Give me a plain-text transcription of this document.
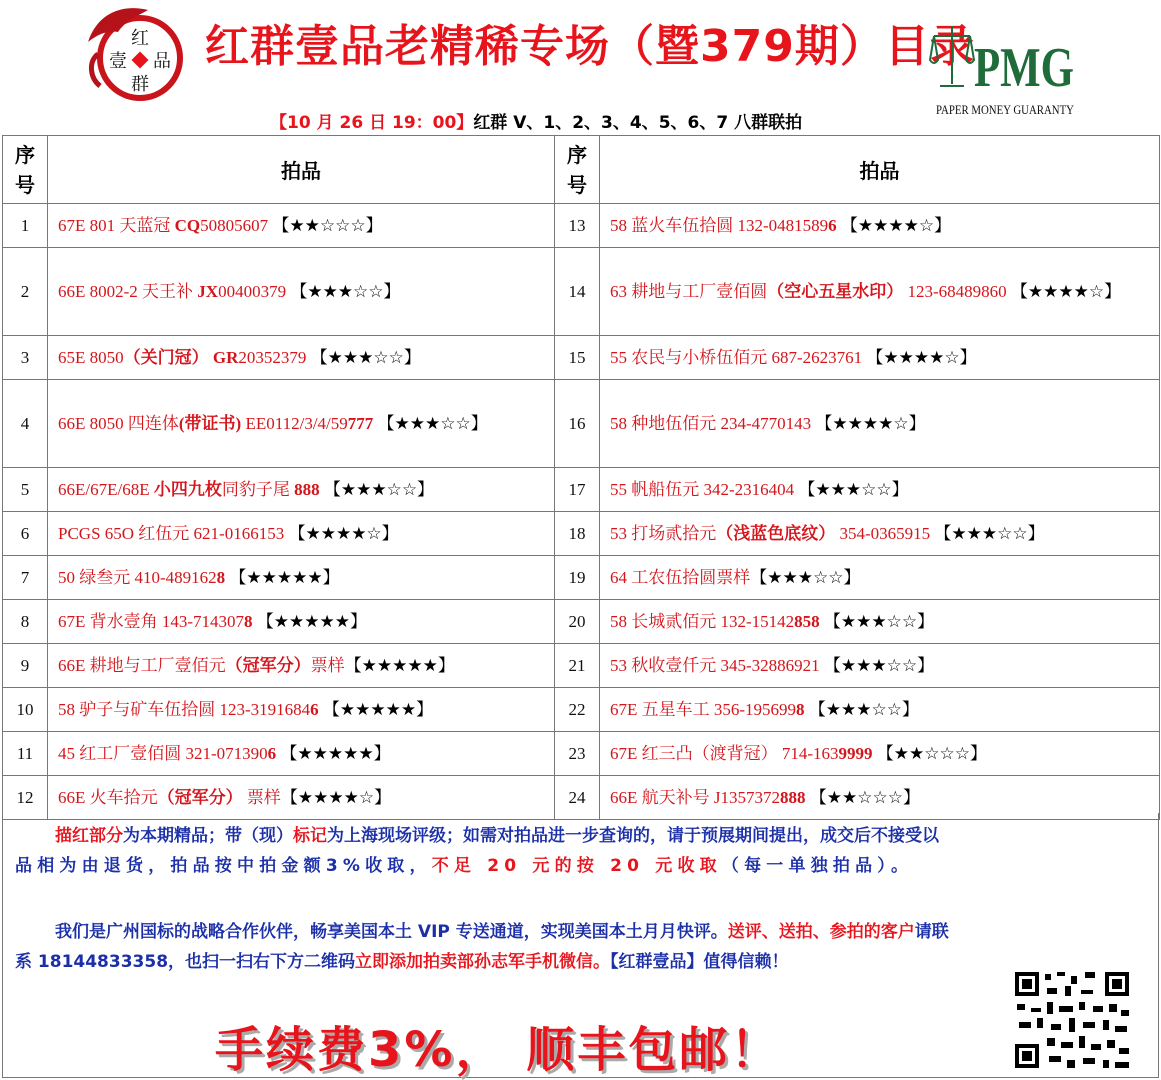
红
壹 品
群
红群壹品老精稀专场（暨379期）目录
【10 月 26 日 19：00】红群 V、1、2、3、4、5、6、7 八群联拍
PMG
PAPER MONEY GUARANTY
序号	拍品	序号	拍品
1	67E 801 天蓝冠 CQ50805607 【★★☆☆☆】	13	58 蓝火车伍拾圆 132-04815896 【★★★★☆】
2	66E 8002-2 天王补 JX00400379 【★★★☆☆】	14	63 耕地与工厂壹佰圆（空心五星水印） 123-68489860 【★★★★☆】
3	65E 8050（关门冠） GR20352379 【★★★☆☆】	15	55 农民与小桥伍佰元 687-2623761 【★★★★☆】
4	66E 8050 四连体(带证书) EE0112/3/4/59777 【★★★☆☆】	16	58 种地伍佰元 234-4770143 【★★★★☆】
5	66E/67E/68E 小四九枚同豹子尾 888 【★★★☆☆】	17	55 帆船伍元 342-2316404 【★★★☆☆】
6	PCGS 65O 红伍元 621-0166153 【★★★★☆】	18	53 打场贰拾元（浅蓝色底纹） 354-0365915 【★★★☆☆】
7	50 绿叁元 410-4891628 【★★★★★】	19	64 工农伍拾圆票样【★★★☆☆】
8	67E 背水壹角 143-7143078 【★★★★★】	20	58 长城贰佰元 132-15142858 【★★★☆☆】
9	66E 耕地与工厂壹佰元（冠军分）票样【★★★★★】	21	53 秋收壹仟元 345-32886921 【★★★☆☆】
10	58 驴子与矿车伍拾圆 123-31916846 【★★★★★】	22	67E 五星车工 356-1956998 【★★★☆☆】
11	45 红工厂壹佰圆 321-0713906 【★★★★★】	23	67E 红三凸（渡背冠） 714-1639999 【★★☆☆☆】
12	66E 火车拾元（冠军分） 票样【★★★★☆】	24	66E 航天补号 J1357372888 【★★☆☆☆】

描红部分为本期精品；带（现）标记为上海现场评级；如需对拍品进一步查询的，请于预展期间提出，成交后不接受以

品相为由退货，拍品按中拍金额3%收取，不足 20 元的按 20 元收取（每一单独拍品）。

我们是广州国标的战略合作伙伴，畅享美国本土 VIP 专送通道，实现美国本土月月快评。送评、送拍、参拍的客户请联

系 18144833358，也扫一扫右下方二维码立即添加拍卖部孙志军手机微信。【红群壹品】值得信赖！

手续费3%， 顺丰包邮！
